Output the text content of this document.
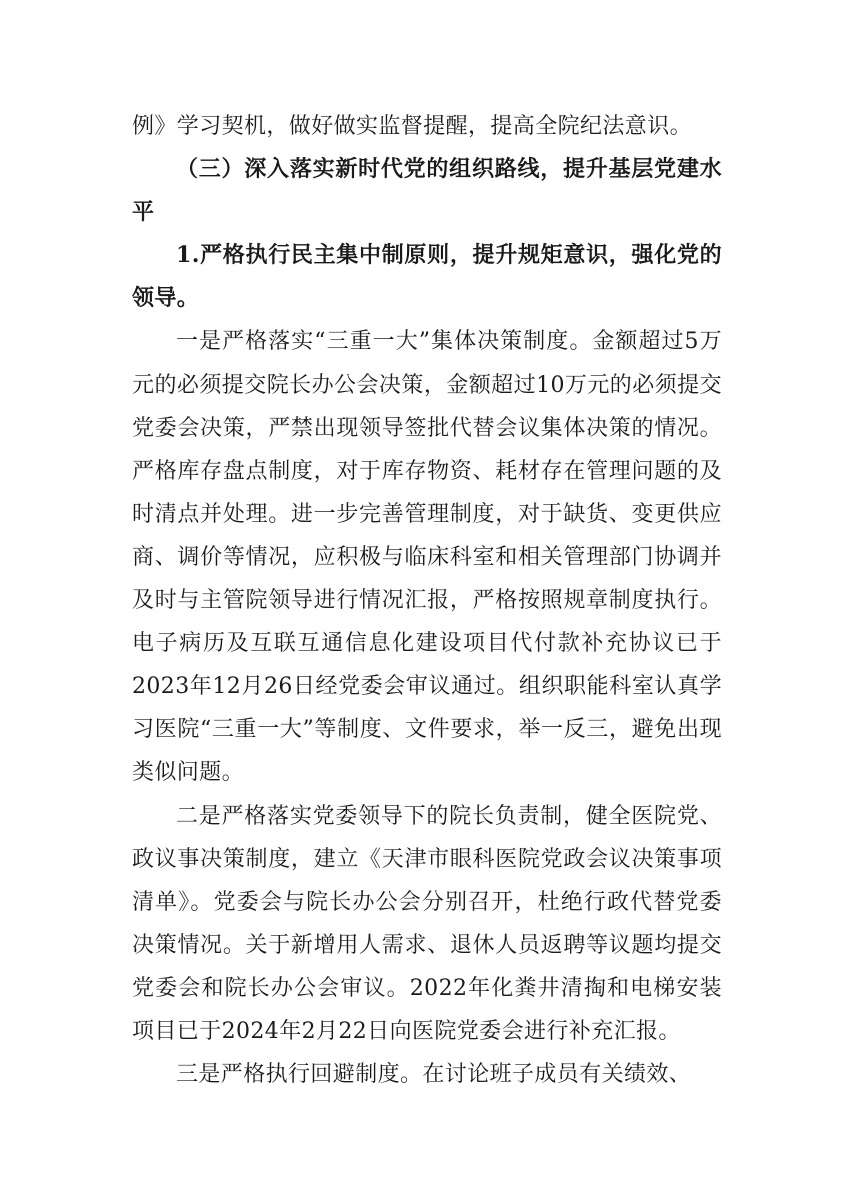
例》学习契机，做好做实监督提醒，提高全院纪法意识。

（三）深入落实新时代党的组织路线，提升基层党建水平

1.严格执行民主集中制原则，提升规矩意识，强化党的领导。

一是严格落实“三重一大”集体决策制度。金额超过5万元的必须提交院长办公会决策，金额超过10万元的必须提交党委会决策，严禁出现领导签批代替会议集体决策的情况。严格库存盘点制度，对于库存物资、耗材存在管理问题的及时清点并处理。进一步完善管理制度，对于缺货、变更供应商、调价等情况，应积极与临床科室和相关管理部门协调并及时与主管院领导进行情况汇报，严格按照规章制度执行。电子病历及互联互通信息化建设项目代付款补充协议已于2023年12月26日经党委会审议通过。组织职能科室认真学习医院“三重一大”等制度、文件要求，举一反三，避免出现类似问题。

二是严格落实党委领导下的院长负责制，健全医院党、政议事决策制度，建立《天津市眼科医院党政会议决策事项清单》。党委会与院长办公会分别召开，杜绝行政代替党委决策情况。关于新增用人需求、退休人员返聘等议题均提交党委会和院长办公会审议。2022年化粪井清掏和电梯安装项目已于2024年2月22日向医院党委会进行补充汇报。

三是严格执行回避制度。在讨论班子成员有关绩效、
